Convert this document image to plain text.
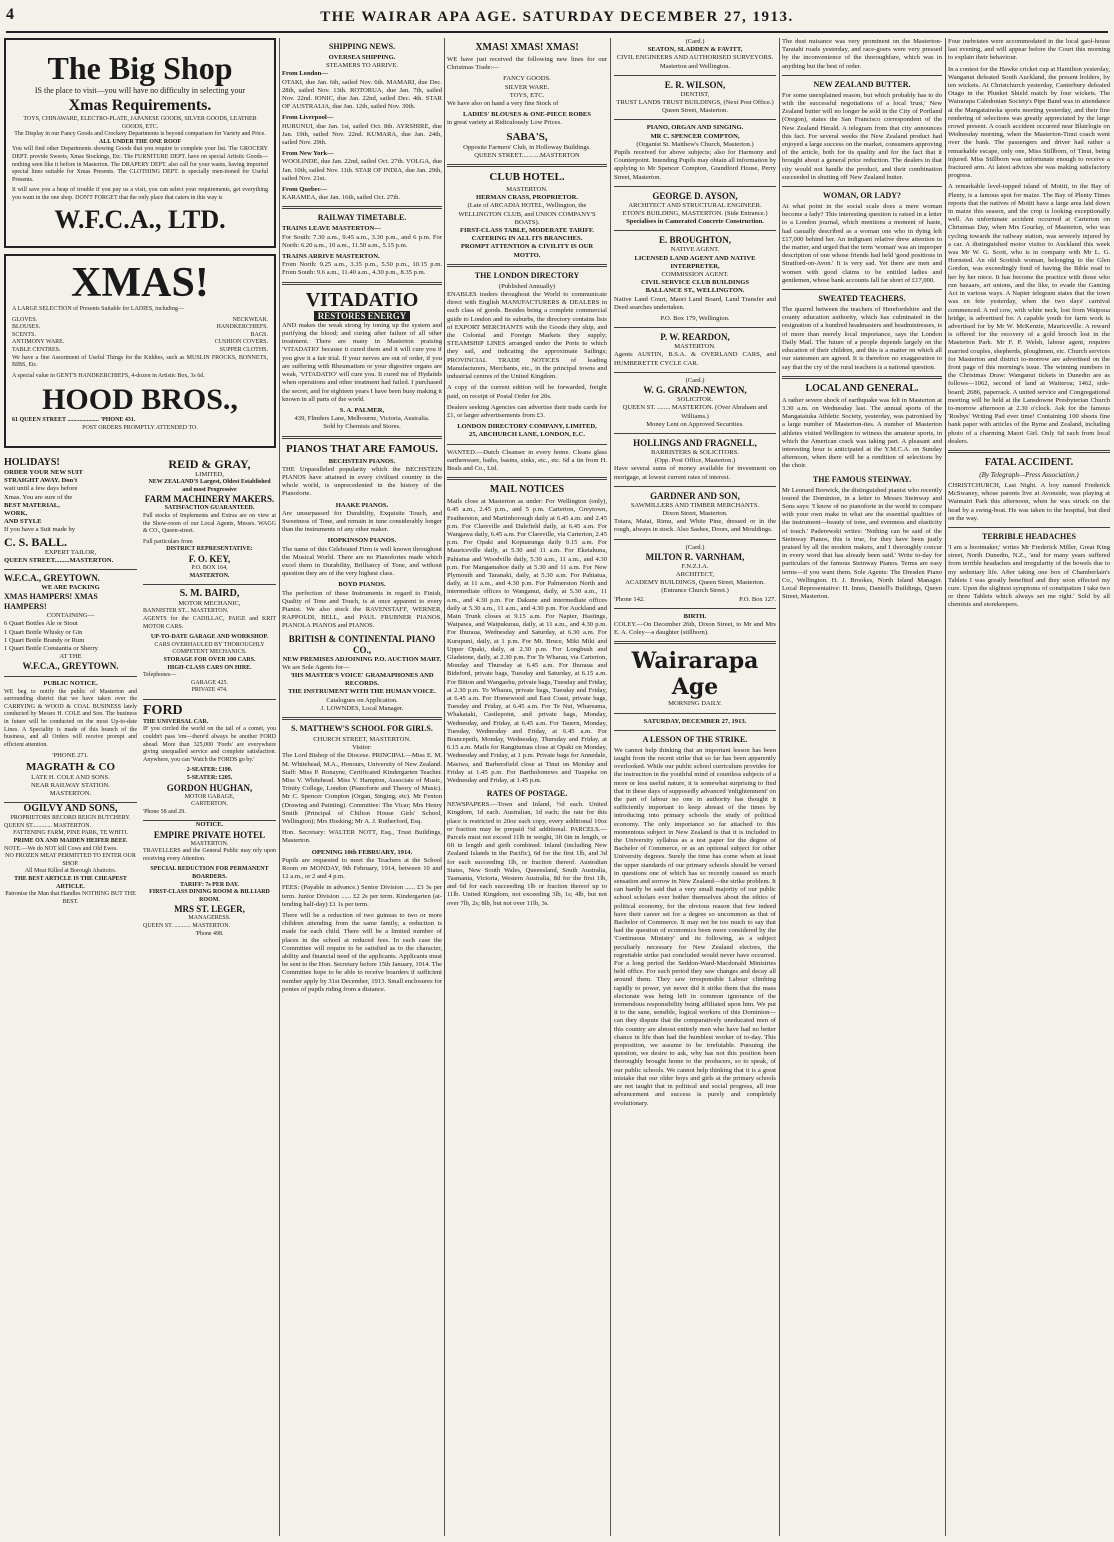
4	THE WAIRAR APA AGE. SATURDAY DECEMBER 27, 1913.
The Big Shop
IS the place to visit—you will have no difficulty in selecting your
Xmas Requirements.
TOYS, CHINAWARE, ELECTRO-PLATE, JAPANESE GOODS, SILVER GOODS, LEATHER GOODS, ETC.
The Display in our Fancy Goods and Crockery Departments is beyond comparison for Variety and Price.
ALL UNDER THE ONE ROOF

You will find other Departments showing Goods that you require to complete your list. The GROCERY DEPT. provide Sweets, Xmas Stockings, Etc. The FURNITURE DEPT. have on special Artistic Goods—nothing seen like it before in Masterton. The DRAPERY DEPT. also call for your wants, having imported special lines suitable for Xmas Presents. The CLOTHING DEPT. is specially men-tioned for Useful Presents.

It will save you a heap of trouble if you pay us a visit, you can select your requirements, get everything you want in the one shop. DON'T FORGET that the only place that caters in this way is

W.F.C.A., LTD.
XMAS!

A LARGE SELECTION of Presents Suitable for LADIES, including—

GLOVES.
BLOUSES.
SCENTS.
ANTIMONY WARE.
TABLE CENTRES.
NECKWEAR.
HANDKERCHIEFS.
BAGS.
CUSHION COVERS.
SUPPER CLOTHS.

We have a fine Assortment of Useful Things for the Kiddies, such as MUSLIN FROCKS, BONNETS, BIBS, Etc.

A special value in GENT'S HANDKERCHIEFS, 4-dozen in Artistic Box, 3s 6d.

HOOD BROS.,
61 QUEEN STREET ..................... 'PHONE 431.
POST ORDERS PROMPTLY ATTENDED TO.
HOLIDAYS!
ORDER YOUR NEW SUIT
STRAIGHT AWAY. Don't
wait until a few days before
Xmas. You are sure of the
BEST MATERIAL,
WORK,
AND STYLE
If you have a Suit made by
C. S. BALL.
EXPERT TAILOR,
QUEEN STREET.........MASTERTON.
W.F.C.A., GREYTOWN.
WE ARE PACKING
XMAS HAMPERS! XMAS HAMPERS!
CONTAINING—
6 Quart Bottles Ale or Stout
1 Quart Bottle Whisky or Gin
1 Quart Bottle Brandy or Rum
1 Quart Bottle Constantia or Sherry
AT THE
W.F.C.A., GREYTOWN.
PUBLIC NOTICE.

WE beg to notify the public of Masterton and surrounding district that we have taken over the CARRYING & WOOD & COAL BUSINESS lately conducted by Messrs H. COLE and Son. The business in future will be conducted on the most Up-to-date Lines. A Speciality is made of this branch of the business, and all Orders will receive prompt and efficient attention.

'PHONE 271.
MAGRATH & CO
LATE H. COLE AND SONS.
NEAR RAILWAY STATION.
MASTERTON.
OGILVY AND SONS,
PROPRIETORS RECORD REIGN BUTCHERY.
QUEEN ST............. MASTERTON.
FATTENING FARM, PINE PARK, TE WHITI.
PRIME OX AND MAIDEN HEIFER BEEF.
NOTE.—We do NOT kill Cows and Old Ewes.
NO FROZEN MEAT PERMITTED TO ENTER OUR SHOP.
All Meat Killed at Borough Abattoirs.
THE BEST ARTICLE IS THE CHEAPEST ARTICLE.
Patronise the Man that Handles NOTHING BUT THE BEST.
REID & GRAY,
LIMITED,
NEW ZEALAND'S Largest, Oldest Established and most Progressive
FARM MACHINERY MAKERS.
SATISFACTION GUARANTEED.

Full stocks of Implements and Extras are on view at the Show-room of our Local Agents, Messrs. WAGG & CO., Queen-street.

Full particulars from
DISTRICT REPRESENTATIVE:
F. O. KEY,
P.O. BOX 164,
MASTERTON.
S. M. BAIRD,
MOTOR MECHANIC,
BANNISTER ST... MASTERTON.

AGENTS for the CADILLAC, PAIGE and KRIT MOTOR CARS.

UP-TO-DATE GARAGE AND WORKSHOP.
CARS OVERHAULED BY THOROUGHLY COMPETENT MECHANICS.
STORAGE FOR OVER 100 CARS.
HIGH-CLASS CARS ON HIRE.
Telephones—
GARAGE 425.
PRIVATE 474.
FORD
THE UNIVERSAL CAR.

IF you circled the world on the tail of a comet, you couldn't pass 'em—there'd always be another FORD ahead. More than 325,000 'Fords' are everywhere giving unequalled service and complete satisfaction. Anywhere, you can 'Watch the FORDS go by.'

2-SEATER: £190.
5-SEATER: £205.
GORDON HUGHAN,
MOTOR GARAGE,
CARTERTON.
'Phone 58 and 29.
NOTICE.
EMPIRE PRIVATE HOTEL
MASTERTON.

TRAVELLERS and the General Public may rely upon receiving every Attention.

SPECIAL REDUCTION FOR PERMANENT BOARDERS.
TARIFF: 7s PER DAY.
FIRST-CLASS DINING ROOM & BILLIARD ROOM.
MRS ST. LEGER,
MANAGERESS.
QUEEN ST. ........... MASTERTON.
'Phone 498.
SHIPPING NEWS.
OVERSEA SHIPPING.
STEAMERS TO ARRIVE.
From London—

OTAKI, due Jan. 6th, sailed Nov. 6th. MAMARI, due Dec. 28th, sailed Nov. 13th. ROTORUA, due Jan. 7th, sailed Nov. 22nd. IONIC, due Jan. 22nd, sailed Dec. 4th. STAR OF AUSTRALIA, due Jan. 12th, sailed Nov. 30th.

From Liverpool—

HURUNUI, due Jan. 1st, sailed Oct. 8th. AYRSHIRE, due Jan. 19th, sailed Nov. 22nd. KUMARA, due Jan. 24th, sailed Nov. 29th.

From New York—

WOOLINDE, due Jan. 22nd, sailed Oct. 27th. VOLGA, due Jan. 10th, sailed Nov. 11th. STAR OF INDIA, due Jan. 29th, sailed Nov. 21st.

From Quebec—

KARAMEA, due Jan. 16th, sailed Oct. 27th.

RAILWAY TIMETABLE.
TRAINS LEAVE MASTERTON—

For South: 7.30 a.m., 9.45 a.m., 3.30 p.m., and 6 p.m. For North: 6.20 a.m., 10 a.m., 11.50 a.m., 5.15 p.m.

TRAINS ARRIVE MASTERTON.

From North: 9.25 a.m., 3.35 p.m., 5.50 p.m., 10.15 p.m. From South: 9.6 a.m., 11.40 a.m., 4.30 p.m., 8.35 p.m.

VITADATIO
RESTORES ENERGY

AND makes the weak strong by toning up the system and purifying the blood; and curing after failure of all other treatment. There are many in Masterton praising 'VITADATIO' because it cured them and it will cure you if you give it a fair trial. If your nerves are out of order, if you are suffering with Rheumatism or your digestive organs are weak, 'VITADATIO' will cure you. It cured me of Hydatids when operations and other treatment had failed. I purchased the secret, and for eighteen years I have been busy making it known in all parts of the world.

S. A. PALMER,
439, Flinders Lane, Melbourne, Victoria, Australia.
Sold by Chemists and Stores.
PIANOS THAT ARE FAMOUS.
BECHSTEIN PIANOS.

THE Unparalleled popularity which the BECHSTEIN PIANOS have attained in every civilised country in the whole world, is unprecedented in the history of the Pianoforte.

HAAKE PIANOS.

Are unsurpassed for Durability, Exquisite Touch, and Sweetness of Tone, and remain in tune considerably longer than the instruments of any other maker.

HOPKINSON PIANOS.

The name of this Celebrated Firm is well known throughout the Musical World. There are no Pianofortes made which excel them in Durability, Brilliancy of Tone, and without question they are of the very highest class.

BOYD PIANOS.

The perfection of these Instruments in regard to Finish, Quality of Tone and Touch, is at once apparent to every Pianist. We also stock the RAVENSTAFF, WERNER, RAPPOLDI, BELL, and PAUL FRUBNER PIANOS, PIANOLA PIANOS and PIANOS.

BRITISH & CONTINENTAL PIANO CO.,
NEW PREMISES ADJOINING P.O. AUCTION MART.
We are Sole Agents for—
'HIS MASTER'S VOICE' GRAMAPHONES AND RECORDS.
THE INSTRUMENT WITH THE HUMAN VOICE.
Catalogues on Application.
J. LOWNDES, Local Manager.
S. MATTHEW'S SCHOOL FOR GIRLS.
CHURCH STREET, MASTERTON.
Visitor:

The Lord Bishop of the Diocese. PRINCIPAL—Miss E. M. M. Whitehead, M.A., Honours, University of New Zealand. Staff: Miss P. Ronayne, Certificated Kindergarten Teacher. Miss V. Whitehead. Miss V. Hampton, Associate of Music, Trinity College, London (Pianoforte and Theory of Music). Mr C. Spencer Compton (Organ, Singing, etc). Mr Fenton (Drawing and Painting). Committee: The Vicar; Mrs Henry Smith (Principal of Chilton House Girls' School, Wellington); Mrs Hosking; Mr A. J. Rutherford, Esq.

Hon. Secretary: WALTER NOTT, Esq., Trust Buildings, Masterton.

OPENING 10th FEBRUARY, 1914.

Pupils are requested to meet the Teachers at the School Room on MONDAY, 9th February, 1914, between 10 and 12 a.m., or 2 and 4 p.m.

FEES: (Payable in advance.) Senior Division ...... £3 3s per term. Junior Division ...... £2 2s per term. Kindergarten (at-tending half-day) £1 1s per term.

There will be a reduction of two guineas to two or more children attending from the same family, a reduction is made for each child. There will be a limited number of places in the school at reduced fees. In each case the Committee will require to be satisfied as to the character, ability and financial need of the applicants. Applicants must be sent to the Hon. Secretary before 15th January, 1914. The Committee hope to be able to receive boarders if sufficient number apply by 31st December, 1913. Small enclosures for ponies of pupils riding from a distance.

XMAS! XMAS! XMAS!

WE have just received the following new lines for our Christmas Trade:—

FANCY GOODS.
SILVER WARE.
TOYS, ETC.

We have also on hand a very fine Stock of

LADIES' BLOUSES & ONE-PIECE ROBES

in great variety at Ridiculously Low Prices.

SABA'S,
Opposite Farmers' Club, in Holloway Buildings.
QUEEN STREET...........MASTERTON
CLUB HOTEL.
MASTERTON.
HERMAN CRASS, PROPRIETOR.
(Late of ARCADIA HOTEL, Wellington, the WELLINGTON CLUB, and UNION COMPANY'S BOATS).
FIRST-CLASS TABLE, MODERATE TARIFF.
CATERING IN ALL ITS BRANCHES.
PROMPT ATTENTION & CIVILITY IS OUR MOTTO.
THE LONDON DIRECTORY
(Published Annually)

ENABLES traders throughout the World to communicate direct with English MANUFACTURERS & DEALERS in each class of goods. Besides being a complete commercial guide to London and its suburbs, the directory contains lists of EXPORT MERCHANTS with the Goods they ship, and the Colonial and Foreign Markets they supply; STEAMSHIP LINES arranged under the Ports to which they sail, and indicating the approximate Sailings; PROVINCIAL TRADE NOTICES of leading Manufacturers, Merchants, etc., in the principal towns and industrial centres of the United Kingdom.

A copy of the current edition will be forwarded, freight paid, on receipt of Postal Order for 20s.

Dealers seeking Agencies can advertise their trade cards for £1, or larger advertisements from £3.

LONDON DIRECTORY COMPANY, LIMITED,
25, ABCHURCH LANE, LONDON, E.C.

WANTED.—Dutch Cleanser in every home. Cleans glass earthenware, baths, basins, sinks, etc., etc. 6d a tin from H. Beals and Co., Ltd.

MAIL NOTICES

Mails close at Masterton as under: For Wellington (only), 6.45 a.m., 2.45 p.m., and 5 p.m. Carterton, Greytown, Featherston, and Martinborough daily at 6.45 a.m. and 2.45 p.m. For Clareville and Dalefield daily, at 6.45 a.m. For Wangawa daily, 6.45 a.m. For Clareville, via Carterton, 2.45 p.m. For Opaki and Kopuaranga daily 9.15 a.m. For Mauriceville daily, at 5.30 and 11 a.m. For Eketahuna, Pahiatua and Woodville daily, 5.30 a.m., 11 a.m., and 4.30 p.m. For Mangamahoe daily at 5.30 and 11 a.m. For New Plymouth and Taranaki, daily, at 5.30 a.m. For Pahiatua, daily, at 11 a.m., and 4.30 p.m. For Palmerston North and intermediate offices to Wanganui, daily, at 5.30 a.m., 11 a.m., and 4.30 p.m. For Dakune and intermediate offices daily at 5.30 a.m., 11 a.m., and 4.30 p.m. For Auckland and Main Trunk closes at 9.15 a.m. For Napier, Hastings, Waipawa, and Waipukurau, daily, at 11 a.m., and 4.30 p.m. For Ihuraua, Wednesday and Saturday, at 6.30 a.m. For Kurupuni, daily, at 1 p.m. For Mt. Bruce, Miki Miki and Upper Opaki, daily, at 2.30 p.m. For Longbush and Gladstone, daily, at 2.30 p.m. For Te Wharau, via Carterton, Monday and Thursday at 6.45 a.m. For Ihuraua and Bideford, private bags, Tuesday and Saturday, at 6.15 a.m. For Bitton and Wangaehu, private bags, Tuesday and Friday, at 2.30 p.m. To Wharau, private bags, Tuesday and Friday, at 6.45 a.m. For Homewood and East Coast, private bags, Tuesday and Friday, at 6.45 a.m. For Te Nui, Whareama, Whakataki, Castlepoint, and private bags, Monday, Wednesday, and Friday, at 6.45 a.m. For Tauern, Monday, Tuesday, Wednesday and Friday, at 6.45 a.m. For Brancepeth, Monday, Wednesday, Thursday and Friday, at 6.15 a.m. Mails for Rangitumau close at Opaki on Monday, Wednesday and Friday, at 1 p.m. Private bags for Annedale, Masiwa, and Barbersfield close at Tinui on Monday and Friday at 1.45 p.m. For Bartholomews and Tuapeka on Wednesday and Friday, at 1.45 p.m.

RATES OF POSTAGE.

NEWSPAPERS.—Town and Inland, ½d each. United Kingdom, 1d each. Australian, 1d each; the rate for this place is restricted to 20oz each copy, every additional 10oz or fraction may be prepaid ½d additional. PARCELS.—Parcels must not exceed 11lb in weight, 3ft 6in in length, or 6ft in length and girth combined. Inland (including New Zealand Islands in the Pacific), 6d for the first 1lb, and 3d for each succeeding 1lb, or fraction thereof. Australian States, New South Wales, Queensland, South Australia, Tasmania, Victoria, Western Australia, 8d for the first 1lb, and 6d for each succeeding 1lb or fraction thereof up to 11lb. United Kingdom, not exceeding 3lb, 1s; 4lb, but not over 7lb, 2s; 8lb, but not over 11lb, 3s.

(Card.)
SEATON, SLADDEN & FAVITT,
CIVIL ENGINEERS AND AUTHORISED SURVEYORS.
Masterton and Wellington.
E. R. WILSON,
DENTIST,
TRUST LANDS TRUST BUILDINGS, (Next Post Office.)
Queen Street, Masterton.
PIANO, ORGAN AND SINGING.
MR C. SPENCER COMPTON,
(Organist St. Matthew's Church, Masterton.)

Pupils received for above subjects; also for Harmony and Counterpoint. Intending Pupils may obtain all information by applying to Mr Spencer Compton, Grandford House, Perry Street, Masterton.

GEORGE D. AYSON,
ARCHITECT AND STRUCTURAL ENGINEER.
ETON'S BUILDING, MASTERTON. (Side Entrance.)
Specialises in Camerated Concrete Construction.
E. BROUGHTON,
NATIVE AGENT.
LICENSED LAND AGENT AND NATIVE INTERPRETER,
COMMISSION AGENT.
CIVIL SERVICE CLUB BUILDINGS
BALLANCE ST., WELLINGTON.

Native Land Court, Maori Land Board, Land Transfer and Deed searches undertaken.

P.O. Box 179, Wellington.
P. W. REARDON,
MASTERTON.

Agents AUSTIN, B.S.A. & OVERLAND CARS, and HUMBERETTE CYCLE CAR.

(Card.)
W. G. GRAND-NEWTON,
SOLICITOR.
QUEEN ST. ........ MASTERTON. (Over Abraham and Williams.)
Money Lent on Approved Securities.
HOLLINGS AND FRAGNELL,
BARRISTERS & SOLICITORS.
(Opp. Post Office, Masterton.)

Have several sums of money available for investment on mortgage, at lowest current rates of interest.

GARDNER AND SON,
SAWMILLERS AND TIMBER MERCHANTS.
Dixon Street, Masterton.

Totara, Matai, Rimu, and White Pine, dressed or in the rough, always in stock. Also Sashes, Doors, and Mouldings.

(Card.)
MILTON R. VARNHAM,
F.N.Z.I.A.
ARCHITECT,
ACADEMY BUILDINGS, Queen Street, Masterton. (Entrance Church Street.)
'Phone 142.	P.O. Box 127.
BIRTH.

COLEY.—On December 26th, Dixon Street, to Mr and Mrs E. A. Coley—a daughter (stillborn).

Wairarapa Age
MORNING DAILY.
SATURDAY, DECEMBER 27, 1913.
A LESSON OF THE STRIKE.

We cannot help thinking that an important lesson has been taught from the recent strike that so far has been apparently overlooked. While our public school curriculum provides for the instruction in the youthful mind of countless subjects of a more or less useful nature, it is somewhat surprising to find that in these days of supposedly advanced 'enlightenment' on the part of labour no one in authority has thought it sufficiently important to keep abreast of the times by introducing into primary schools the study of political economy. The only importance so far attached to this momentous subject in New Zealand is that it is included in the University syllabus as a test paper for the degree of Bachelor of Commerce, or as an optional subject for other University degrees. Surely the time has come when at least the upper standards of our primary schools should be versed in questions one of which has so recently caused so much sensation and sorrow in New Zealand—the strike problem. It can hardly be said that a very small majority of our public school scholars ever bother themselves about the ethics of political economy, for the obvious reason that few indeed have their career set for a degree so uncommon as that of Bachelor of Commerce. It may not be too much to say that had the question of economics been more considered by the 'Continuous Ministry' and its following, as a subject peculiarly necessary for New Zealand electors, the regrettable strike just concluded would never have occurred. For a long period the Seddon-Ward-Macdonald Ministries held office. For such period they saw changes and decay all around them. They saw irresponsible Labour climbing rapidly to power, yet never did it strike them that the mass electorate was being left in common ignorance of the tremendous responsibility being affiliated upon him. We put it to the sane, sensible, logical workers of this Dominion—can they dispute that the comparatively uneducated men of this country are almost entirely men who have had no better chance in life than had the humblest worker of to-day. This proposition, we assume to be irrefutable. Pursuing the question, we desire to ask, why has not this position been thoroughly brought home to the producers, so to speak, of our public schools. We cannot help thinking that it is a great mistake that our older boys and girls at the primary schools are not taught that in political and social progress, all true advancement and success is purely and completely evolutionary.

The dust nuisance was very prominent on the Masterton-Taratahi roads yesterday, and race-goers were very pressed by the inconvenience of the thoroughfare, which was in anything but the best of order.

NEW ZEALAND BUTTER.

For some unexplained reason, but which probably has to do with the successful negotiations of a local 'trust,' New Zealand butter will no longer be sold in the City of Portland (Oregon), states the San Francisco correspondent of the New Zealand Herald. A telegram from that city announces this fact. For several weeks the New Zealand product had enjoyed a large success on the market, consumers approving of the article, both for its quality and for the fact that it brought about a general price reduction. The dealers in that city would not handle the product, and their combination succeeded in shutting off New Zealand butter.

WOMAN, OR LADY?

At what point in the social scale does a mere woman become a lady? This interesting question is raised in a letter to a London journal, which mentions a moment of haste, had casually described as a woman one who in dying left £17,000 behind her. An indignant relative drew attention to the matter, and urged that the term 'woman' was an improper description of one whose friends had held 'good positions in Stratford-on-Avon.' It is very sad. Yet there are men and women with good claims to be entitled ladies and gentlemen, whose bank accounts fall far short of £17,000.

SWEATED TEACHERS.

The quarrel between the teachers of Herefordshire and the county education authority, which has culminated in the resignation of a hundred headmasters and headmistresses, is of more than merely local importance, says the London Daily Mail. The future of a people depends largely on the education of their children, and this is a matter on which all our statesmen are agreed. It is therefore no exaggeration to say that the cry of the rural teachers is a national question.

LOCAL AND GENERAL.

A rather severe shock of earthquake was felt in Masterton at 3.30 a.m. on Wednesday last. The annual sports of the Mangataiuka Athletic Society, yesterday, was patronised by a large number of Masterton-ites. A number of Masterton athletes visited Wellington to witness the amateur sports, in which the American crack was taking part. A pleasant and interesting hour is anticipated at the Y.M.C.A. on Sunday afternoon, when there will be a rendition of selections by the choir.

THE FAMOUS STEINWAY.

Mr Leonard Borwick, the distinguished pianist who recently toured the Dominion, in a letter to Messrs Steinway and Sons says: 'I know of no pianoforte in the world to compare with your own make in what are the essential qualities of the instrument—beauty of tone, and evenness and elasticity of touch.' Paderewski writes: 'Nothing can be said of the Steinway Pianos, this is true, for they have been justly praised by all the modern makers, and I thoroughly concur in every word that has already been said.' Write to-day for particulars of the famous Steinway Pianos. Terms are easy terms—if you want them. Sole Agents: The Dresden Piano Co., Wellington. H. J. Brookes, North Island Manager. Local Representative: H. Innes, Daniell's Buildings, Queen Street, Masterton.

Four inebriates were accommodated in the local gaol-house last evening, and will appear before the Court this morning to explain their behaviour.

In a contest for the Hawke cricket cup at Hamilton yesterday, Wanganui defeated South Auckland, the present holders, by ten wickets. At Christchurch yesterday, Canterbury defeated Otago in the Plunket Shield match by four wickets. The Wairarapa Caledonian Society's Pipe Band was in attendance at the Mangatainoka sports meeting yesterday, and their fine rendering of selections was greatly appreciated by the large crowd present. A coach accident occurred near Blairlogie on Wednesday morning, when the Masterton-Tinui coach went over the bank. The passengers and driver had rather a remarkable escape, only one, Miss Stillborn, of Tinui, being injured. Miss Stillborn was unfortunate enough to receive a fractured arm. At latest advices she was making satisfactory progress.

A remarkable level-topped island of Motiti, in the Bay of Plenty, is a famous spot for maize. The Bay of Plenty Times reports that the natives of Motiti have a large area laid down in maize this season, and the crop is looking exceptionally well. An unfortunate accident occurred at Carterton on Christmas Day, when Mrs Gourlay, of Masterton, who was cycling towards the railway station, was severely injured by a car. A distinguished motor visitor to Auckland this week was Mr W. G. Scott, who is in company with Mr L. G. Hornsted. An old Scottish woman, belonging to the Glen Gordon, was exceedingly fond of having the Bible read to her by her niece. It has become the practice with those who run bazaars, art unions, and the like, to evade the Gaming Act in various ways. A Napier telegram states that the town was en fete yesterday, when the two days' carnival commenced. A red cow, with white neck, lost from Waipoua bridge, is advertised for. A capable youth for farm work is advertised for by Mr W. McKenzie, Mauriceville. A reward is offered for the recovery of a gold brooch lost in the Masterton Park. Mr F. P. Welsh, labour agent, requires married couples, shepherds, ploughmen, etc. Church services for Masterton and district to-morrow are advertised on the front page of this morning's issue. The winning numbers in the Christmas Draw: Wanganui tickets in Dunedin are as follows—1062, second of land at Waiteroa; 1462, side-board; 2686, paperrack. A united service and Congregational meeting will be held at the Lansdowne Presbyterian Church to-morrow afternoon at 2.30 o'clock. Ask for the famous 'Rosbys' Writing Pad ever time! Containing 100 sheets fine bank paper with articles of the Ryme and Zealand, including photo of a charming Maori Girl. Only 6d each from local dealers.

FATAL ACCIDENT.
(By Telegraph—Press Association.)

CHRISTCHURCH, Last Night. A boy named Frederick McSwaney, whose parents live at Avonside, was playing at Waimairi Park this afternoon, when he was struck on the head by a swing-boat. He was taken to the hospital, but died on the way.

TERRIBLE HEADACHES

'I am a bootmaker,' writes Mr Frederick Miller, Great King street, North Dunedin, N.Z., 'and for many years suffered from terrible headaches and irregularity of the bowels due to my sedentary life. After taking one box of Chamberlain's Tablets I was greatly benefited and they soon effected my cure. Upon the slightest symptoms of constipation I take two or three Tablets which always set me right.' Sold by all chemists and storekeepers.
